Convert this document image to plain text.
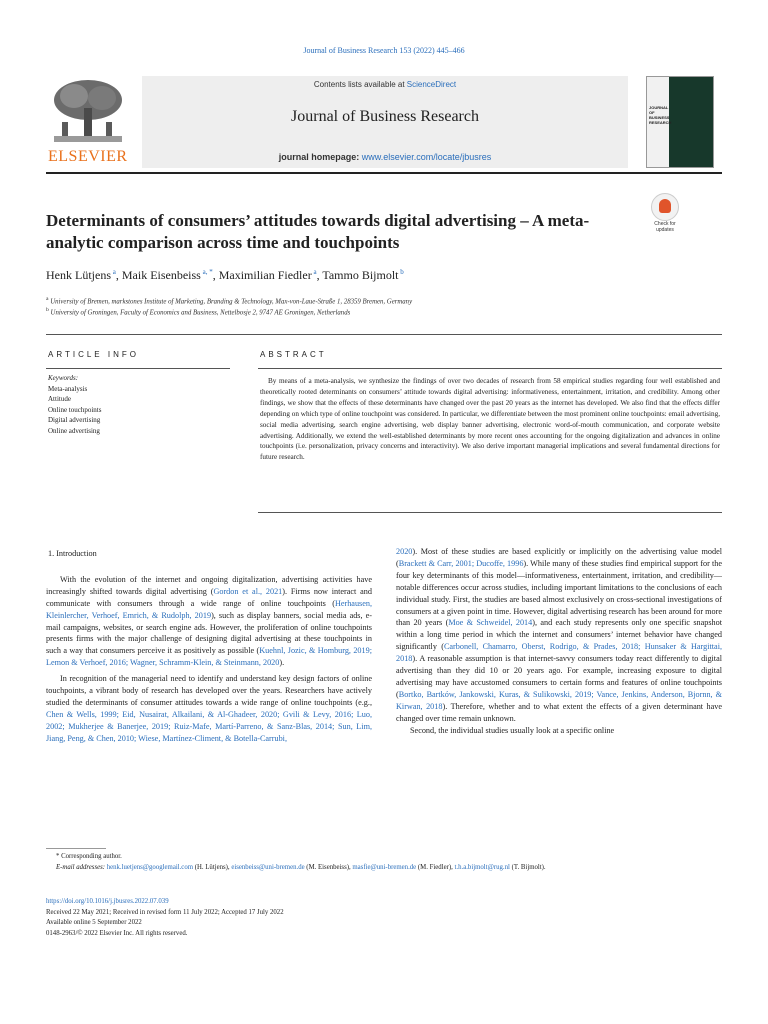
Journal of Business Research 153 (2022) 445–466
ELSEVIER
Contents lists available at ScienceDirect
Journal of Business Research
journal homepage: www.elsevier.com/locate/jbusres
JOURNAL OF BUSINESS RESEARCH
Determinants of consumers’ attitudes towards digital advertising – A meta-analytic comparison across time and touchpoints
Check for
updates
Henk Lütjens $^a$, Maik Eisenbeiss $^{a, *}$, Maximilian Fiedler $^a$, Tammo Bijmolt $^b$
$^a$ University of Bremen, markstones Institute of Marketing, Branding & Technology, Max-von-Laue-Straße 1, 28359 Bremen, Germany
$^b$ University of Groningen, Faculty of Economics and Business, Nettelbosje 2, 9747 AE Groningen, Netherlands
ARTICLE INFO	ABSTRACT
Keywords:
Meta-analysis
Attitude
Online touchpoints
Digital advertising
Online advertising
By means of a meta-analysis, we synthesize the findings of over two decades of research from 58 empirical studies regarding four well established and theoretically rooted determinants on consumers’ attitude towards digital advertising: informativeness, entertainment, irritation, and credibility. Among other findings, we show that the effects of these determinants have changed over the past 20 years as the internet has developed. We also find that the effects differ depending on which type of online touchpoint was considered. In particular, we differentiate between the most prominent online touchpoints: email advertising, social media advertising, search engine advertising, web display banner advertising, electronic word-of-mouth communication, and corporate website advertising. Additionally, we extend the well-established determinants by more recent ones accounting for the ongoing digitalization and advances in online touchpoints (i.e. personalization, privacy concerns and interactivity). We also derive important managerial implications and several fundamental directions for future research.

1. Introduction

With the evolution of the internet and ongoing digitalization, advertising activities have increasingly shifted towards digital advertising (Gordon et al., 2021). Firms now interact and communicate with consumers through a wide range of online touchpoints (Herhausen, Kleinlercher, Verhoef, Emrich, & Rudolph, 2019), such as display banners, social media ads, e-mail campaigns, websites, or search engine ads. However, the proliferation of online touchpoints presents firms with the major challenge of designing digital advertising at these touchpoints in such a way that consumers perceive it as positively as possible (Kuehnl, Jozic, & Homburg, 2019; Lemon & Verhoef, 2016; Wagner, Schramm-Klein, & Steinmann, 2020).

In recognition of the managerial need to identify and understand key design factors of online touchpoints, a vibrant body of research has developed over the years. Researchers have actively studied the determinants of consumer attitudes towards a wide range of online touchpoints (e.g., Chen & Wells, 1999; Eid, Nusairat, Alkailani, & Al-Ghadeer, 2020; Gvili & Levy, 2016; Luo, 2002; Mukherjee & Banerjee, 2019; Ruiz-Mafe, Martí-Parreno, & Sanz-Blas, 2014; Sun, Lim, Jiang, Peng, & Chen, 2010; Wiese, Martínez-Climent, & Botella-Carrubi,

2020). Most of these studies are based explicitly or implicitly on the advertising value model (Brackett & Carr, 2001; Ducoffe, 1996). While many of these studies find empirical support for the four key determinants of this model—informativeness, entertainment, irritation, and credibility—notable differences occur across studies, including important limitations to the conclusions of each individual study. First, the studies are based almost exclusively on cross-sectional investigations of consumers at a given point in time. However, digital advertising research has been around for more than 20 years (Moe & Schweidel, 2014), and each study represents only one specific snapshot within a long time period in which the internet and consumers’ internet behavior have changed significantly (Carbonell, Chamarro, Oberst, Rodrigo, & Prades, 2018; Hunsaker & Hargittai, 2018). A reasonable assumption is that internet-savvy consumers today react differently to digital advertising than they did 10 or 20 years ago. For example, increasing exposure to digital advertising may have accustomed consumers to certain forms and features of online touchpoints (Bortko, Bartków, Jankowski, Kuras, & Sulikowski, 2019; Vance, Jenkins, Anderson, Bjornn, & Kirwan, 2018). Therefore, whether and to what extent the effects of a given determinant have changed over time remain unknown.

Second, the individual studies usually look at a specific online

* Corresponding author.
E-mail addresses: henk.luetjens@googlemail.com (H. Lütjens), eisenbeiss@uni-bremen.de (M. Eisenbeiss), masfie@uni-bremen.de (M. Fiedler), t.h.a.bijmolt@rug.nl (T. Bijmolt).
https://doi.org/10.1016/j.jbusres.2022.07.039
Received 22 May 2021; Received in revised form 11 July 2022; Accepted 17 July 2022
Available online 5 September 2022
0148-2963/© 2022 Elsevier Inc. All rights reserved.
